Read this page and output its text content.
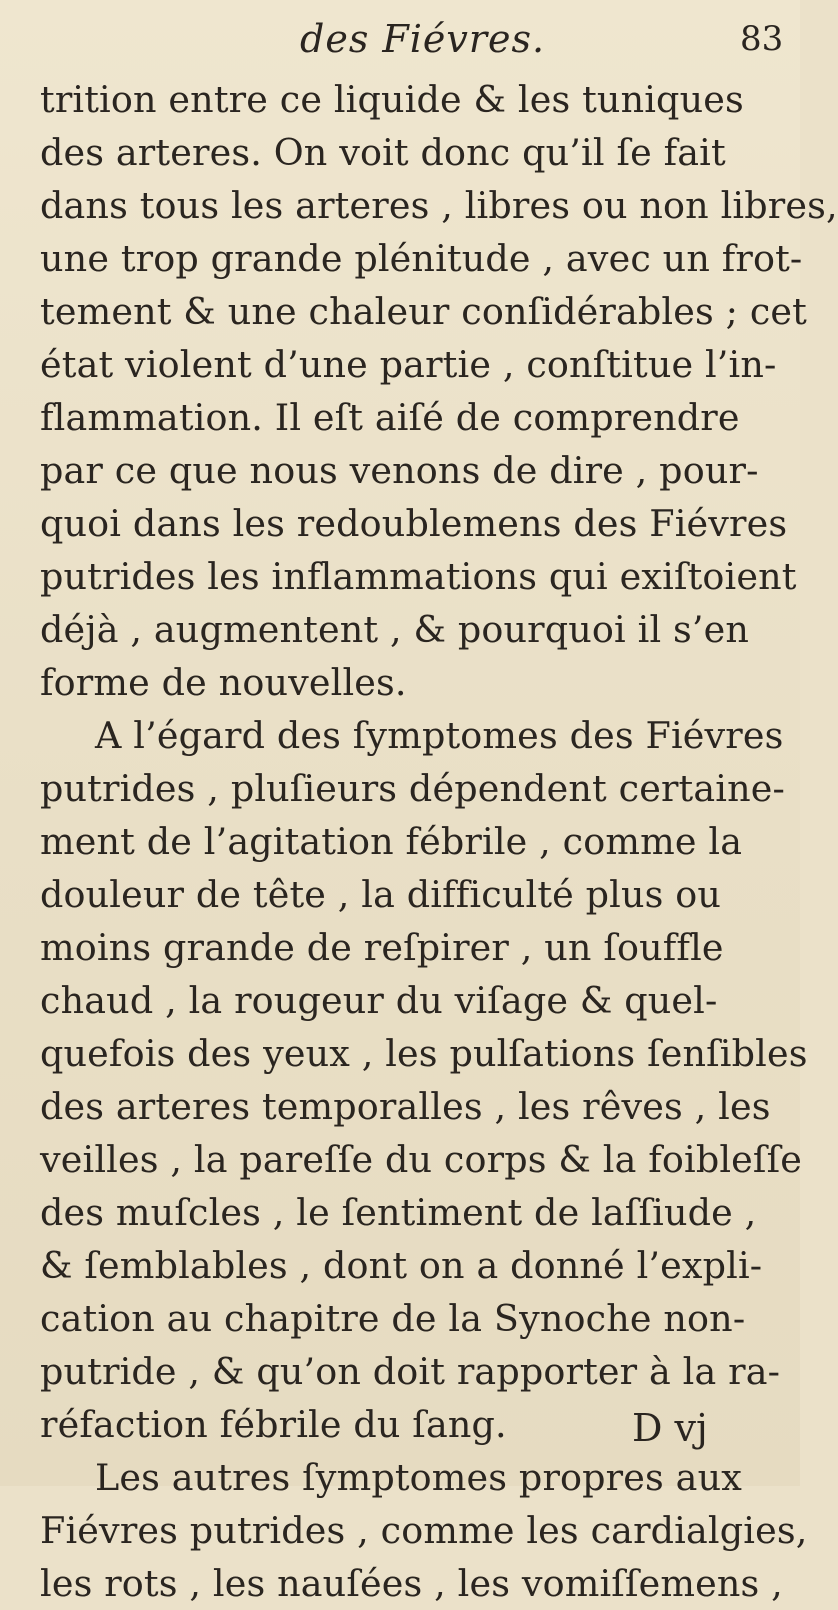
des Fiévres.	83
trition entre ce liquide & les tuniques
des arteres. On voit donc qu’il ſe fait
dans tous les arteres , libres ou non libres,
une trop grande plénitude , avec un frot-
tement & une chaleur conſidérables ; cet
état violent d’une partie , conſtitue l’in-
flammation. Il eſt aiſé de comprendre
par ce que nous venons de dire , pour-
quoi dans les redoublemens des Fiévres
putrides les inflammations qui exiſtoient
déjà , augmentent , & pourquoi il s’en
forme de nouvelles.
A l’égard des ſymptomes des Fiévres
putrides , pluſieurs dépendent certaine-
ment de l’agitation fébrile , comme la
douleur de tête , la difficulté plus ou
moins grande de reſpirer , un ſouffle
chaud , la rougeur du viſage & quel-
quefois des yeux , les pulſations ſenſibles
des arteres temporalles , les rêves , les
veilles , la pareſſe du corps & la foibleſſe
des muſcles , le ſentiment de laſſiude ,
& ſemblables , dont on a donné l’expli-
cation au chapitre de la Synoche non-
putride , & qu’on doit rapporter à la ra-
réfaction fébrile du ſang.
Les autres ſymptomes propres aux
Fiévres putrides , comme les cardialgies,
les rots , les nauſées , les vomiſſemens ,
D vj
